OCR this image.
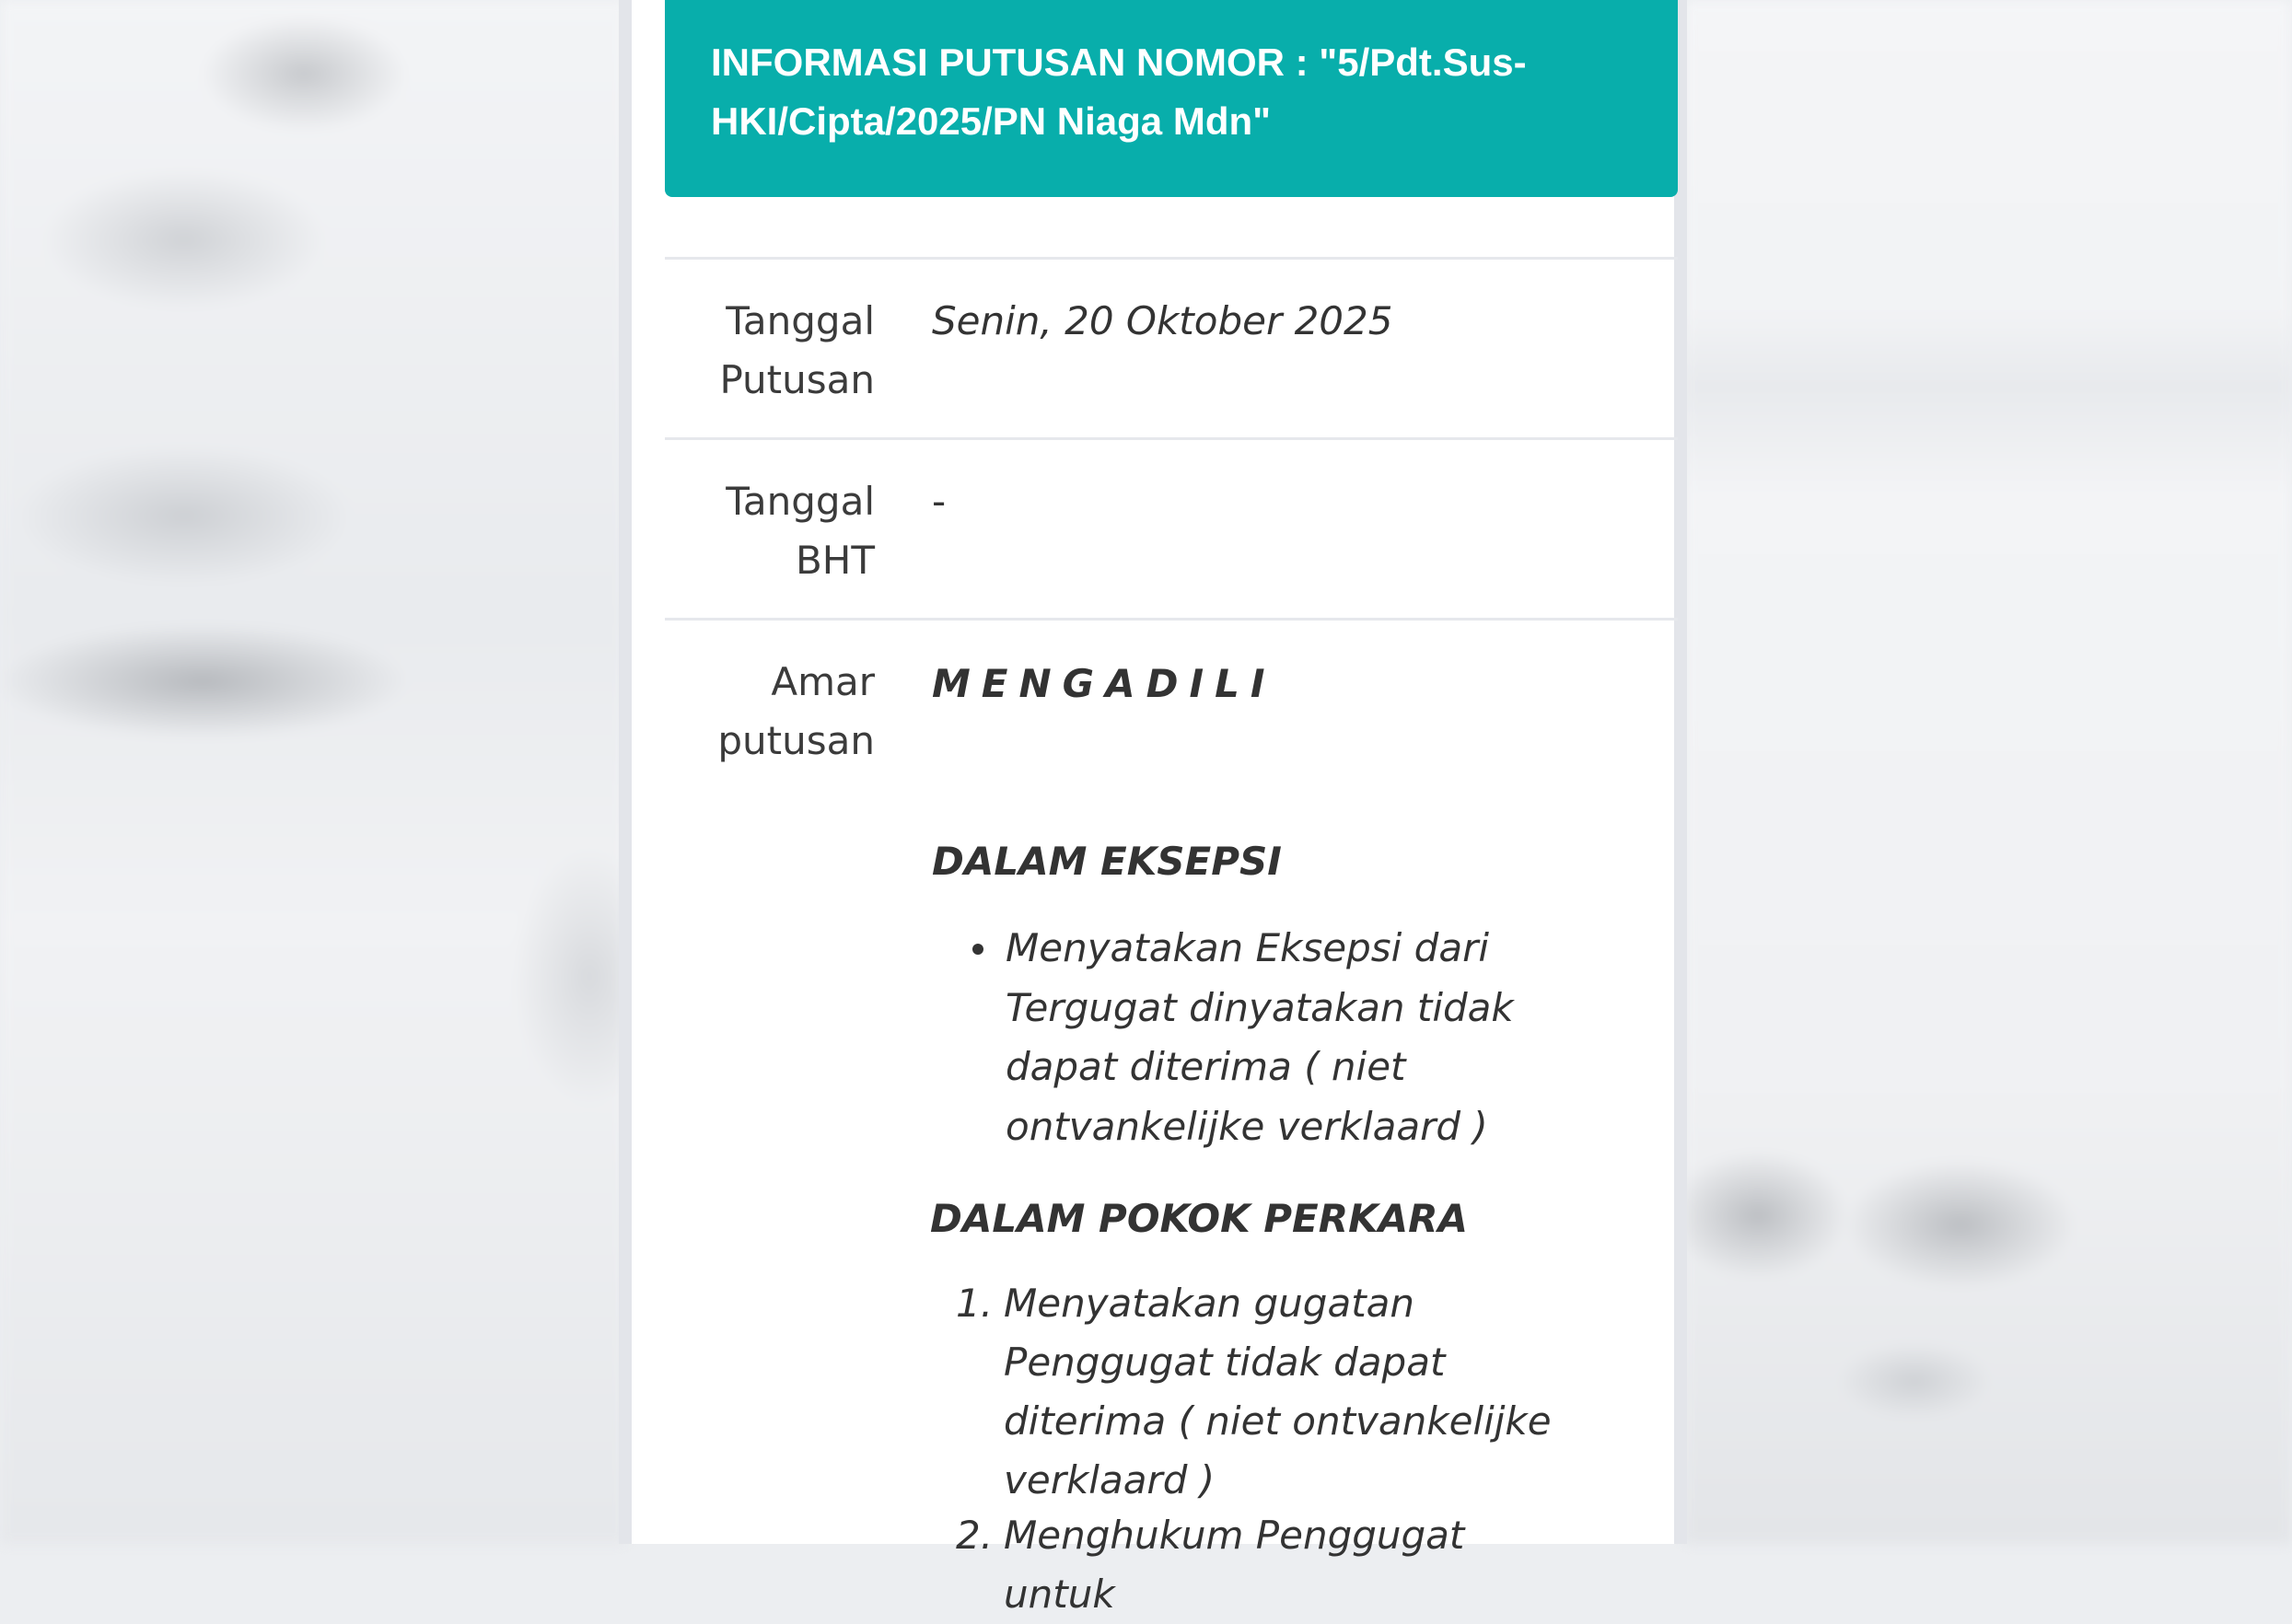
INFORMASI PUTUSAN NOMOR : "5/Pdt.Sus-
HKI/Cipta/2025/PN Niaga Mdn"
Tanggal
Putusan
Senin, 20 Oktober 2025
Tanggal
BHT
-
Amar
putusan
MENGADILI
DALAM EKSEPSI
Menyatakan Eksepsi dari
Tergugat dinyatakan tidak
dapat diterima ( niet
ontvankelijke verklaard )
DALAM POKOK PERKARA
1. Menyatakan gugatan
Penggugat tidak dapat
diterima ( niet ontvankelijke
verklaard )
2. Menghukum Penggugat untuk
